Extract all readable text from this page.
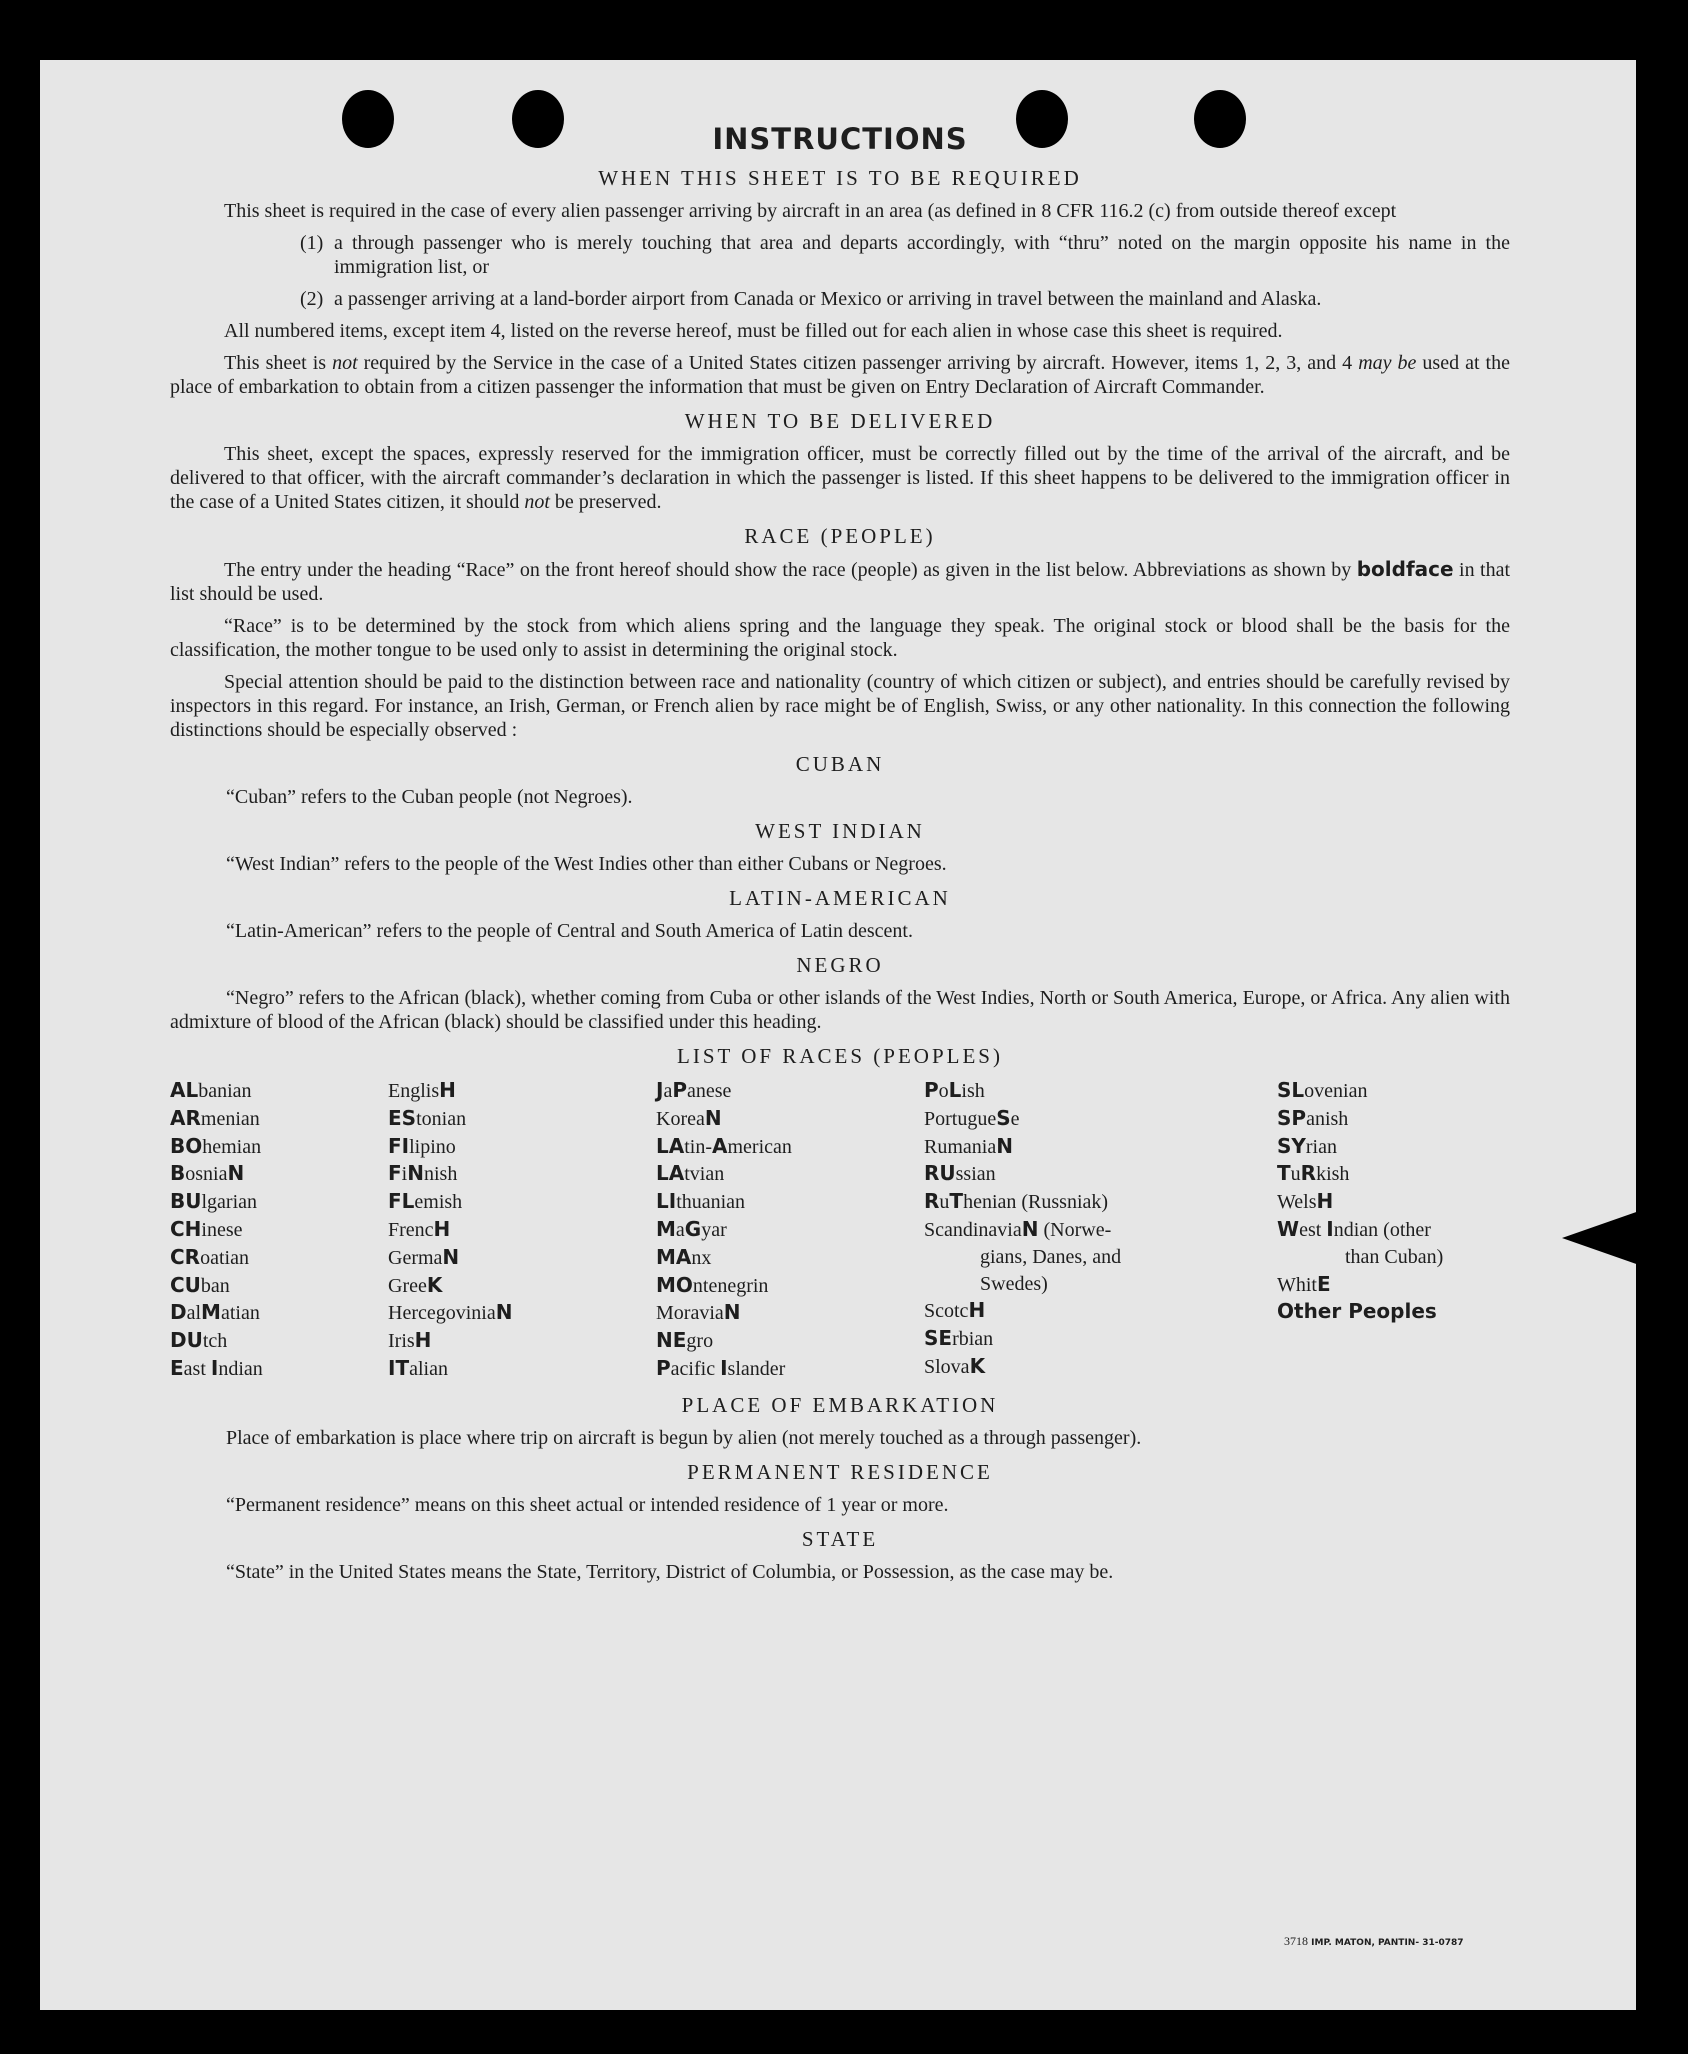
INSTRUCTIONS
WHEN THIS SHEET IS TO BE REQUIRED

This sheet is required in the case of every alien passenger arriving by aircraft in an area (as defined in 8 CFR 116.2 (c) from outside thereof except

(1) a through passenger who is merely touching that area and departs accordingly, with “thru” noted on the margin opposite his name in the immigration list, or

(2) a passenger arriving at a land-border airport from Canada or Mexico or arriving in travel between the mainland and Alaska.

All numbered items, except item 4, listed on the reverse hereof, must be filled out for each alien in whose case this sheet is required.

This sheet is not required by the Service in the case of a United States citizen passenger arriving by aircraft. However, items 1, 2, 3, and 4 may be used at the place of embarkation to obtain from a citizen passenger the information that must be given on Entry Declaration of Aircraft Commander.

WHEN TO BE DELIVERED

This sheet, except the spaces, expressly reserved for the immigration officer, must be correctly filled out by the time of the arrival of the aircraft, and be delivered to that officer, with the aircraft commander’s declaration in which the passenger is listed. If this sheet happens to be delivered to the immigration officer in the case of a United States citizen, it should not be preserved.

RACE (PEOPLE)

The entry under the heading “Race” on the front hereof should show the race (people) as given in the list below. Abbreviations as shown by boldface in that list should be used.

“Race” is to be determined by the stock from which aliens spring and the language they speak. The original stock or blood shall be the basis for the classification, the mother tongue to be used only to assist in determining the original stock.

Special attention should be paid to the distinction between race and nationality (country of which citizen or subject), and entries should be carefully revised by inspectors in this regard. For instance, an Irish, German, or French alien by race might be of English, Swiss, or any other nationality. In this connection the following distinctions should be especially observed :

CUBAN

“Cuban” refers to the Cuban people (not Negroes).

WEST INDIAN

“West Indian” refers to the people of the West Indies other than either Cubans or Negroes.

LATIN-AMERICAN

“Latin-American” refers to the people of Central and South America of Latin descent.

NEGRO

“Negro” refers to the African (black), whether coming from Cuba or other islands of the West Indies, North or South America, Europe, or Africa. Any alien with admixture of blood of the African (black) should be classified under this heading.

LIST OF RACES (PEOPLES)
ALbanian
ARmenian
BOhemian
BosniaN
BUlgarian
CHinese
CRoatian
CUban
DalMatian
DUtch
East Indian
EnglisH
EStonian
FIlipino
FiNnish
FLemish
FrencH
GermaN
GreeK
HercegoviniaN
IrisH
ITalian
JaPanese
KoreaN
LAtin-American
LAtvian
LIthuanian
MaGyar
MAnx
MOntenegrin
MoraviaN
NEgro
Pacific Islander
PoLish
PortugueSe
RumaniaN
RUssian
RuThenian (Russniak)
ScandinaviaN (Norwe-
gians, Danes, and
Swedes)
ScotcH
SErbian
SlovaK
SLovenian
SPanish
SYrian
TuRkish
WelsH
West Indian (other
than Cuban)
WhitE
Other Peoples
PLACE OF EMBARKATION

Place of embarkation is place where trip on aircraft is begun by alien (not merely touched as a through passenger).

PERMANENT RESIDENCE

“Permanent residence” means on this sheet actual or intended residence of 1 year or more.

STATE

“State” in the United States means the State, Territory, District of Columbia, or Possession, as the case may be.

3718 IMP. MATON, PANTIN- 31-0787
